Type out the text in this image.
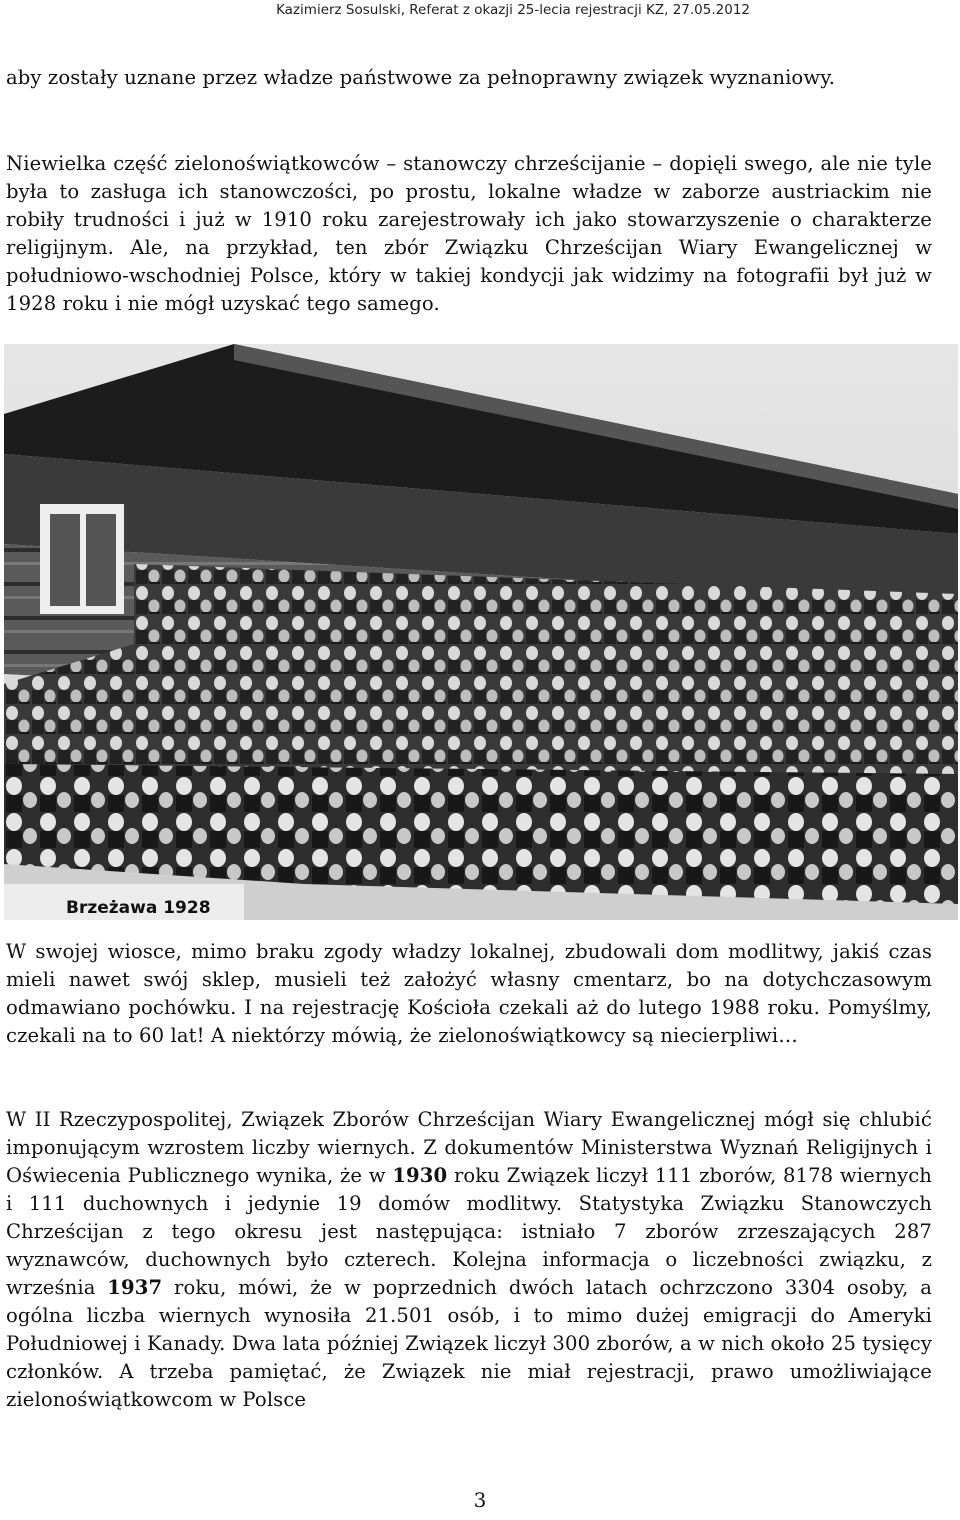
Kazimierz Sosulski, Referat z okazji 25-lecia rejestracji KZ, 27.05.2012

aby zostały uznane przez władze państwowe za pełnoprawny związek wyznaniowy.

Niewielka część zielonoświątkowców – stanowczy chrześcijanie – dopięli swego, ale nie tyle była to zasługa ich stanowczości, po prostu, lokalne władze w zaborze austriackim nie robiły trudności i już w 1910 roku zarejestrowały ich jako stowarzyszenie o charakterze religijnym. Ale, na przykład, ten zbór Związku Chrześcijan Wiary Ewangelicznej w południowo-wschodniej Polsce, który w takiej kondycji jak widzimy na fotografii był już w 1928 roku i nie mógł uzyskać tego samego.

Brzeżawa 1928

W swojej wiosce, mimo braku zgody władzy lokalnej, zbudowali dom modlitwy, jakiś czas mieli nawet swój sklep, musieli też założyć własny cmentarz, bo na dotychczasowym odmawiano pochówku. I na rejestrację Kościoła czekali aż do lutego 1988 roku. Pomyślmy, czekali na to 60 lat! A niektórzy mówią, że zielonoświątkowcy są niecierpliwi…

W II Rzeczypospolitej, Związek Zborów Chrześcijan Wiary Ewangelicznej mógł się chlubić imponującym wzrostem liczby wiernych. Z dokumentów Ministerstwa Wyznań Religijnych i Oświecenia Publicznego wynika, że w 1930 roku Związek liczył 111 zborów, 8178 wiernych i 111 duchownych i jedynie 19 domów modlitwy. Statystyka Związku Stanowczych Chrześcijan z tego okresu jest następująca: istniało 7 zborów zrzeszających 287 wyznawców, duchownych było czterech. Kolejna informacja o liczebności związku, z września 1937 roku, mówi, że w poprzednich dwóch latach ochrzczono 3304 osoby, a ogólna liczba wiernych wynosiła 21.501 osób, i to mimo dużej emigracji do Ameryki Południowej i Kanady. Dwa lata później Związek liczył 300 zborów, a w nich około 25 tysięcy członków. A trzeba pamiętać, że Związek nie miał rejestracji, prawo umożliwiające zielonoświątkowcom w Polsce

3
